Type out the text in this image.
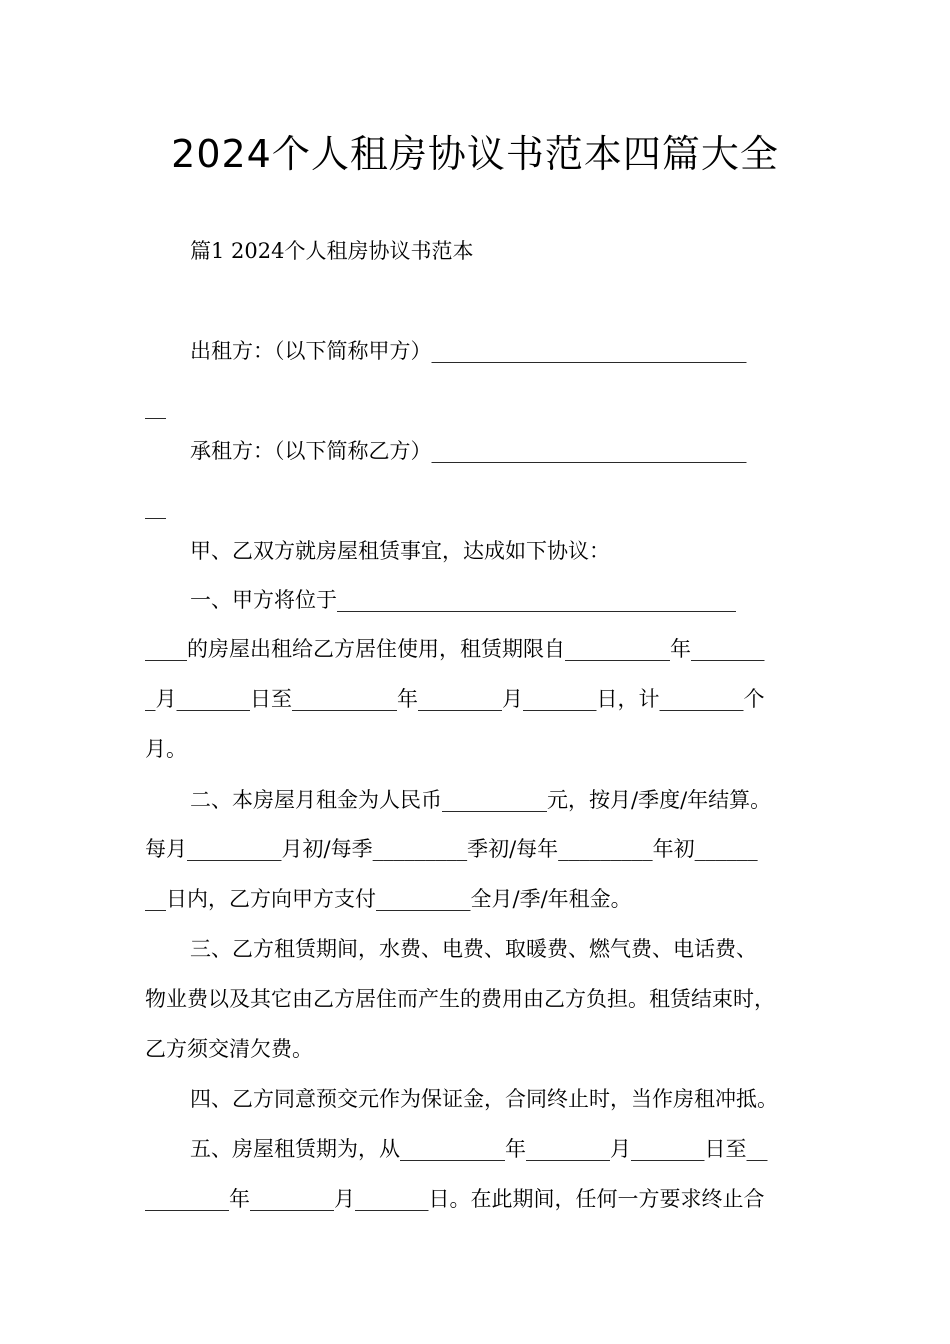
2024个人租房协议书范本四篇大全
篇1 2024个人租房协议书范本
出租方：（以下简称甲方）______________________________
__
承租方：（以下简称乙方）______________________________
__
甲、乙双方就房屋租赁事宜，达成如下协议：
一、甲方将位于______________________________________
____的房屋出租给乙方居住使用，租赁期限自__________年_______
_月_______日至__________年________月_______日，计________个
月。
二、本房屋月租金为人民币__________元，按月/季度/年结算。
每月_________月初/每季_________季初/每年_________年初______
__日内，乙方向甲方支付_________全月/季/年租金。
三、乙方租赁期间，水费、电费、取暖费、燃气费、电话费、
物业费以及其它由乙方居住而产生的费用由乙方负担。租赁结束时，
乙方须交清欠费。
四、乙方同意预交元作为保证金，合同终止时，当作房租冲抵。
五、房屋租赁期为，从__________年________月_______日至__
________年________月_______日。在此期间，任何一方要求终止合
